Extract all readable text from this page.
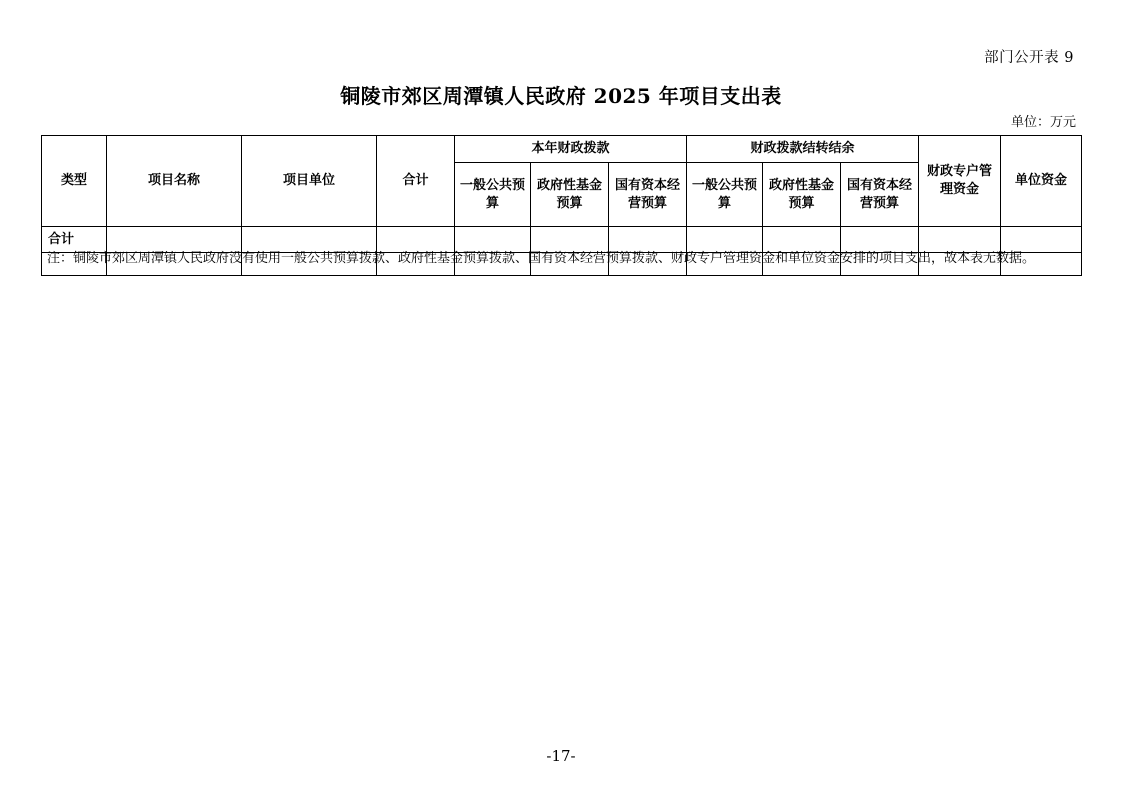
部门公开表 9
铜陵市郊区周潭镇人民政府 2025 年项目支出表
单位：万元
类型	项目名称	项目单位	合计	本年财政拨款			财政拨款结转结余			财政专户管理资金	单位资金

				一般公共预算	政府性基金预算	国有资本经营预算	一般公共预算	政府性基金预算	国有资本经营预算		

合计											

注：铜陵市郊区周潭镇人民政府没有使用一般公共预算拨款、政府性基金预算拨款、国有资本经营预算拨款、财政专户管理资金和单位资金安排的项目支出，故本表无数据。
-17-
